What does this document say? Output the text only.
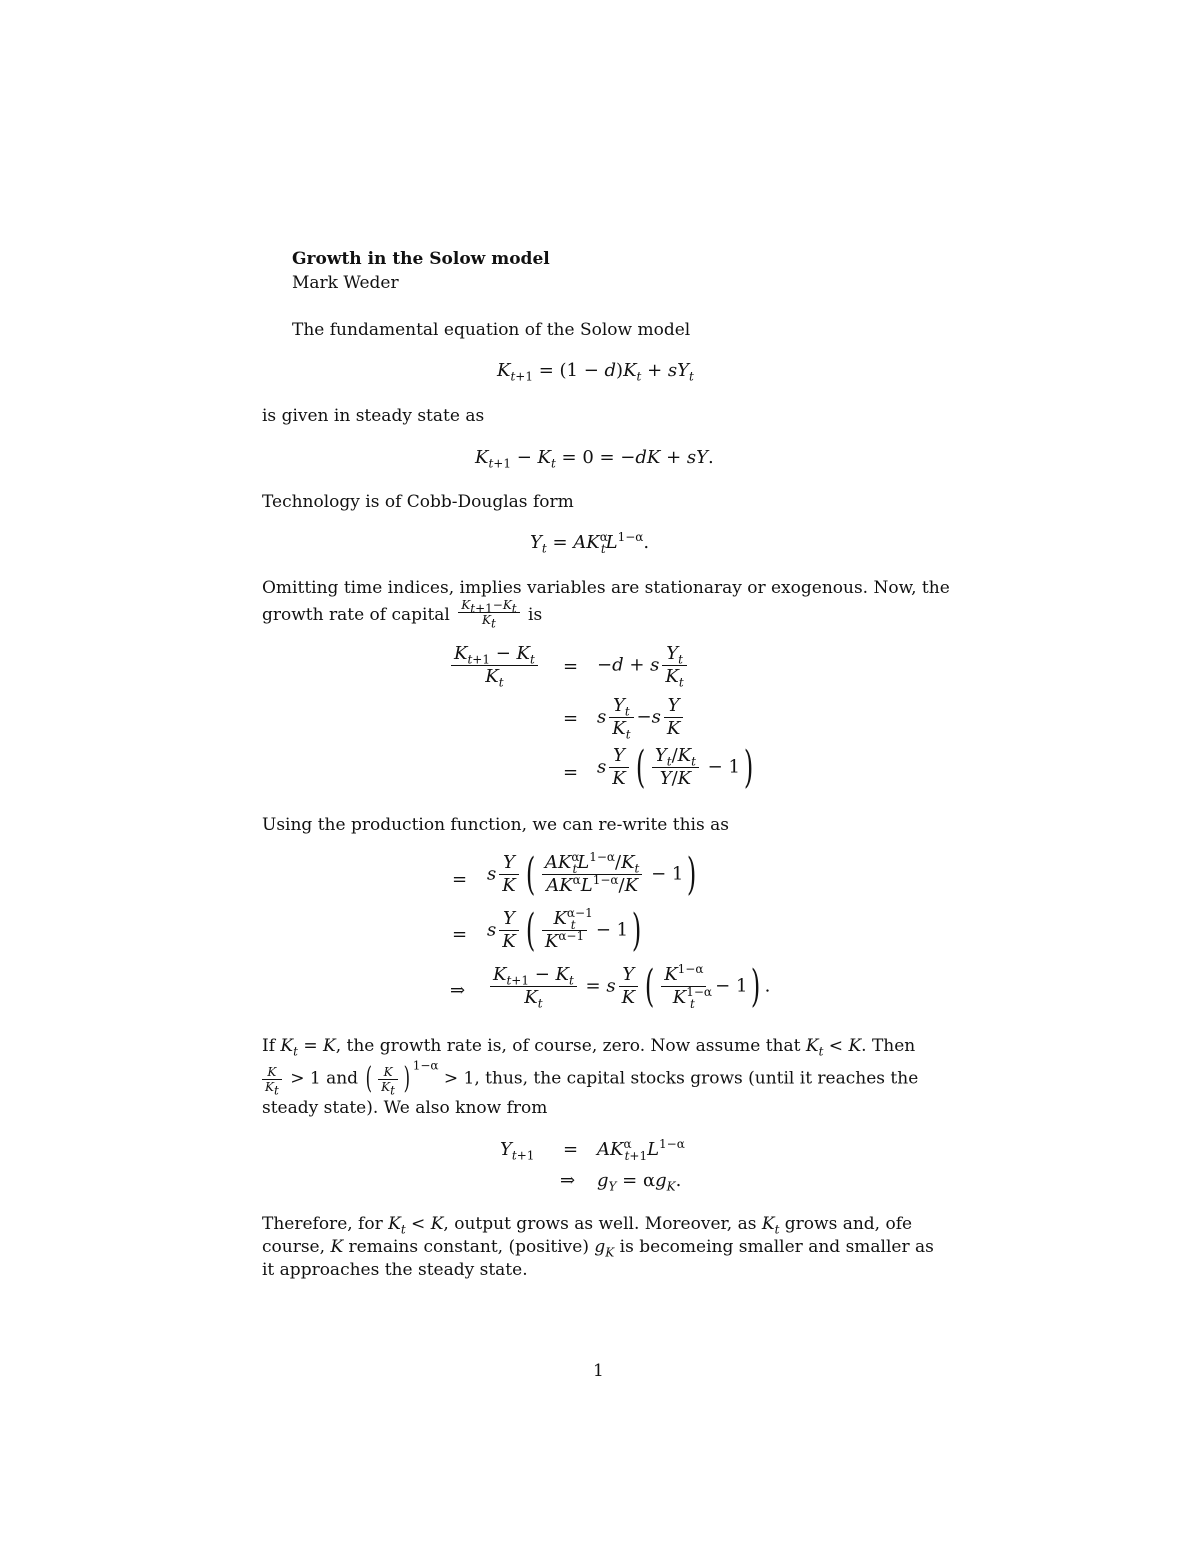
Growth in the Solow model
Mark Weder
The fundamental equation of the Solow model
$K_{t+1} = (1 - d)K_t + sY_t$
is given in steady state as
$K_{t+1} - K_t = 0 = -dK$ + sY.
Technology is of Cobb-Douglas form
$Y_t = AK^\alpha_tL^{1-\alpha}$.
Omitting time indices, implies variables are stationaray or exogenous. Now, the
growth rate of capital $\frac{K_{t+1}-K_t}{K_t}$ is
$\frac{K_{t+1} - K_t}{K_t} = -d + s \frac{Y_t}{K_t}$
= s $\frac{Y_t}{K_t} -s \frac{Y}{K}$
= s $\frac{Y}{K}$ ( $\frac{Y_t/K_t}{Y/K} - 1$)
Using the production function, we can re-write this as
= s $\frac{Y}{K}$ ( $\frac{AK^\alpha_tL^{1-\alpha}/K_t}{AK^\alpha L^{1-\alpha}/K} - 1$)
= s $\frac{Y}{K}$ ( $\frac{K^{\alpha-1}_t}{K^{\alpha-1}} - 1$)
⇒ $\frac{K_{t+1} - K_t}{K_t} = s \frac{Y}{K}$ ( $\frac{K^{1-\alpha}}{K^{1-\alpha}_t} - 1$) .
If $K_t = K$, the growth rate is, of course, zero. Now assume that $K_t < K$. Then
$\frac{K}{K_t} > 1$ and ( $\frac{K}{K_t}$ ) $^{1-\alpha}$ > 1, thus, the capital stocks grows (until it reaches the
steady state). We also know from
$Y_{t+1} = AK^\alpha_{t+1}L^{1-\alpha}$
⇒ $g_Y = \alpha g_K$.
Therefore, for $K_t < K$, output grows as well. Moreover, as $K_t$ grows and, ofe
course, K remains constant, (positive) $g_K$ is becomeing smaller and smaller as
it approaches the steady state.
1
